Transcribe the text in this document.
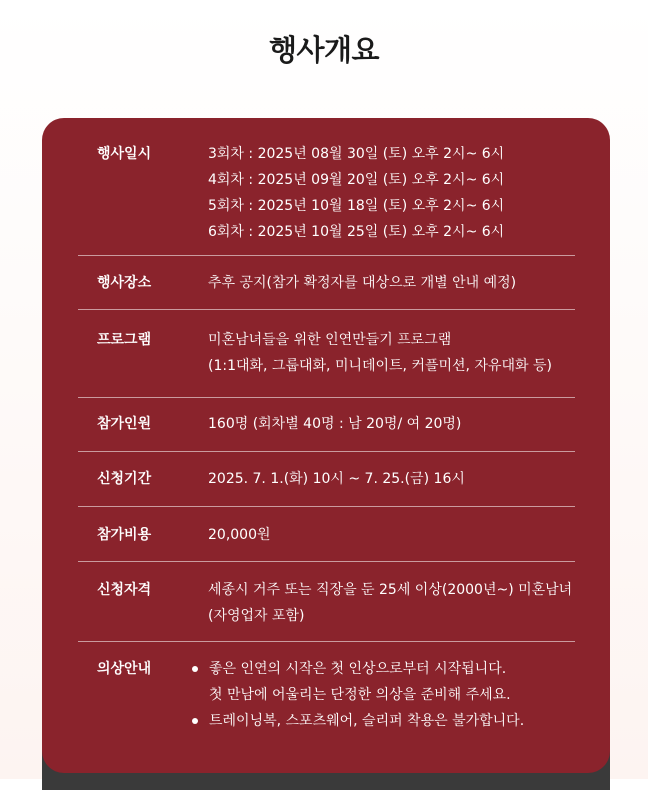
행사개요
행사일시	3회차 : 2025년 08월 30일 (토) 오후 2시~ 6시
4회차 : 2025년 09월 20일 (토) 오후 2시~ 6시
5회차 : 2025년 10월 18일 (토) 오후 2시~ 6시
6회차 : 2025년 10월 25일 (토) 오후 2시~ 6시
행사장소	추후 공지(참가 확정자를 대상으로 개별 안내 예정)
프로그램	미혼남녀들을 위한 인연만들기 프로그램
(1:1대화, 그룹대화, 미니데이트, 커플미션, 자유대화 등)
참가인원	160명 (회차별 40명 : 남 20명/ 여 20명)
신청기간	2025. 7. 1.(화) 10시 ~ 7. 25.(금) 16시
참가비용	20,000원
신청자격	세종시 거주 또는 직장을 둔 25세 이상(2000년~) 미혼남녀
(자영업자 포함)
의상안내	좋은 인연의 시작은 첫 인상으로부터 시작됩니다.
첫 만남에 어울리는 단정한 의상을 준비해 주세요.
트레이닝복, 스포츠웨어, 슬리퍼 착용은 불가합니다.
